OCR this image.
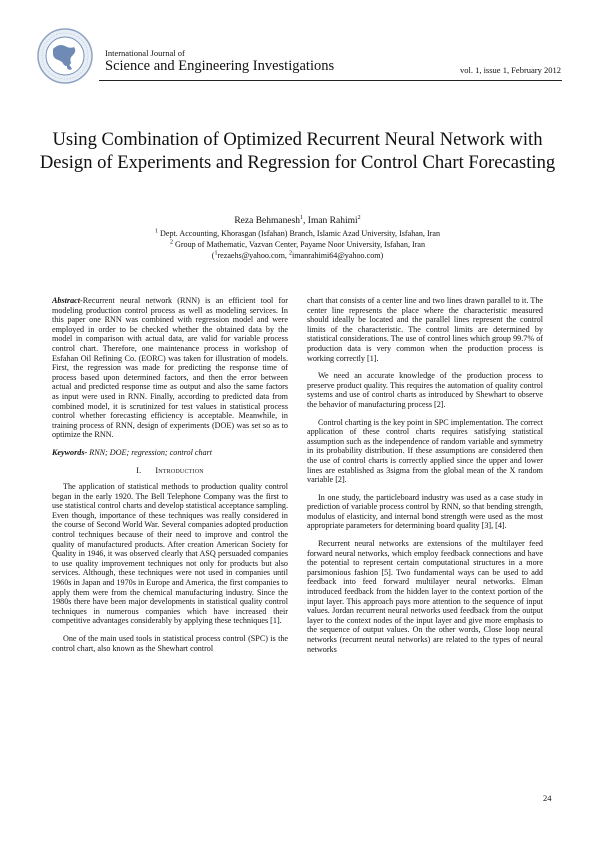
International Journal of
Science and Engineering Investigations	vol. 1, issue 1, February 2012
Using Combination of Optimized Recurrent Neural Network with Design of Experiments and Regression for Control Chart Forecasting
Reza Behmanesh$^1$, Iman Rahimi$^2$
$^1$ Dept. Accounting, Khorasgan (Isfahan) Branch, Islamic Azad University, Isfahan, Iran
$^2$ Group of Mathematic, Vazvan Center, Payame Noor University, Isfahan, Iran
($^1$rezaehs@yahoo.com, $^2$imanrahimi64@yahoo.com)

Abstract-Recurrent neural network (RNN) is an efficient tool for modeling production control process as well as modeling services. In this paper one RNN was combined with regression model and were employed in order to be checked whether the obtained data by the model in comparison with actual data, are valid for variable process control chart. Therefore, one maintenance process in workshop of Esfahan Oil Refining Co. (EORC) was taken for illustration of models. First, the regression was made for predicting the response time of process based upon determined factors, and then the error between actual and predicted response time as output and also the same factors as input were used in RNN. Finally, according to predicted data from combined model, it is scrutinized for test values in statistical process control whether forecasting efficiency is acceptable. Meanwhile, in training process of RNN, design of experiments (DOE) was set so as to optimize the RNN.

Keywords- RNN; DOE; regression; control chart

I. Introduction

The application of statistical methods to production quality control began in the early 1920. The Bell Telephone Company was the first to use statistical control charts and develop statistical acceptance sampling. Even though, importance of these techniques was really considered in the course of Second World War. Several companies adopted production control techniques because of their need to improve and control the quality of manufactured products. After creation American Society for Quality in 1946, it was observed clearly that ASQ persuaded companies to use quality improvement techniques not only for products but also services. Although, these techniques were not used in companies until 1960s in Japan and 1970s in Europe and America, the first companies to apply them were from the chemical manufacturing industry. Since the 1980s there have been major developments in statistical quality control techniques in numerous companies which have increased their competitive advantages considerably by applying these techniques [1].

One of the main used tools in statistical process control (SPC) is the control chart, also known as the Shewhart control

chart that consists of a center line and two lines drawn parallel to it. The center line represents the place where the characteristic measured should ideally be located and the parallel lines represent the control limits of the characteristic. The control limits are determined by statistical considerations. The use of control lines which group 99.7% of production data is very common when the production process is working correctly [1].

We need an accurate knowledge of the production process to preserve product quality. This requires the automation of quality control systems and use of control charts as introduced by Shewhart to observe the behavior of manufacturing process [2].

Control charting is the key point in SPC implementation. The correct application of these control charts requires satisfying statistical assumption such as the independence of random variable and symmetry in its probability distribution. If these assumptions are considered then the use of control charts is correctly applied since the upper and lower lines are established as 3sigma from the global mean of the X random variable [2].

In one study, the particleboard industry was used as a case study in prediction of variable process control by RNN, so that bending strength, modulus of elasticity, and internal bond strength were used as the most appropriate parameters for determining board quality [3], [4].

Recurrent neural networks are extensions of the multilayer feed forward neural networks, which employ feedback connections and have the potential to represent certain computational structures in a more parsimonious fashion [5]. Two fundamental ways can be used to add feedback into feed forward multilayer neural networks. Elman introduced feedback from the hidden layer to the context portion of the input layer. This approach pays more attention to the sequence of input values. Jordan recurrent neural networks used feedback from the output layer to the context nodes of the input layer and give more emphasis to the sequence of output values. On the other words, Close loop neural networks (recurrent neural networks) are related to the types of neural networks

24
